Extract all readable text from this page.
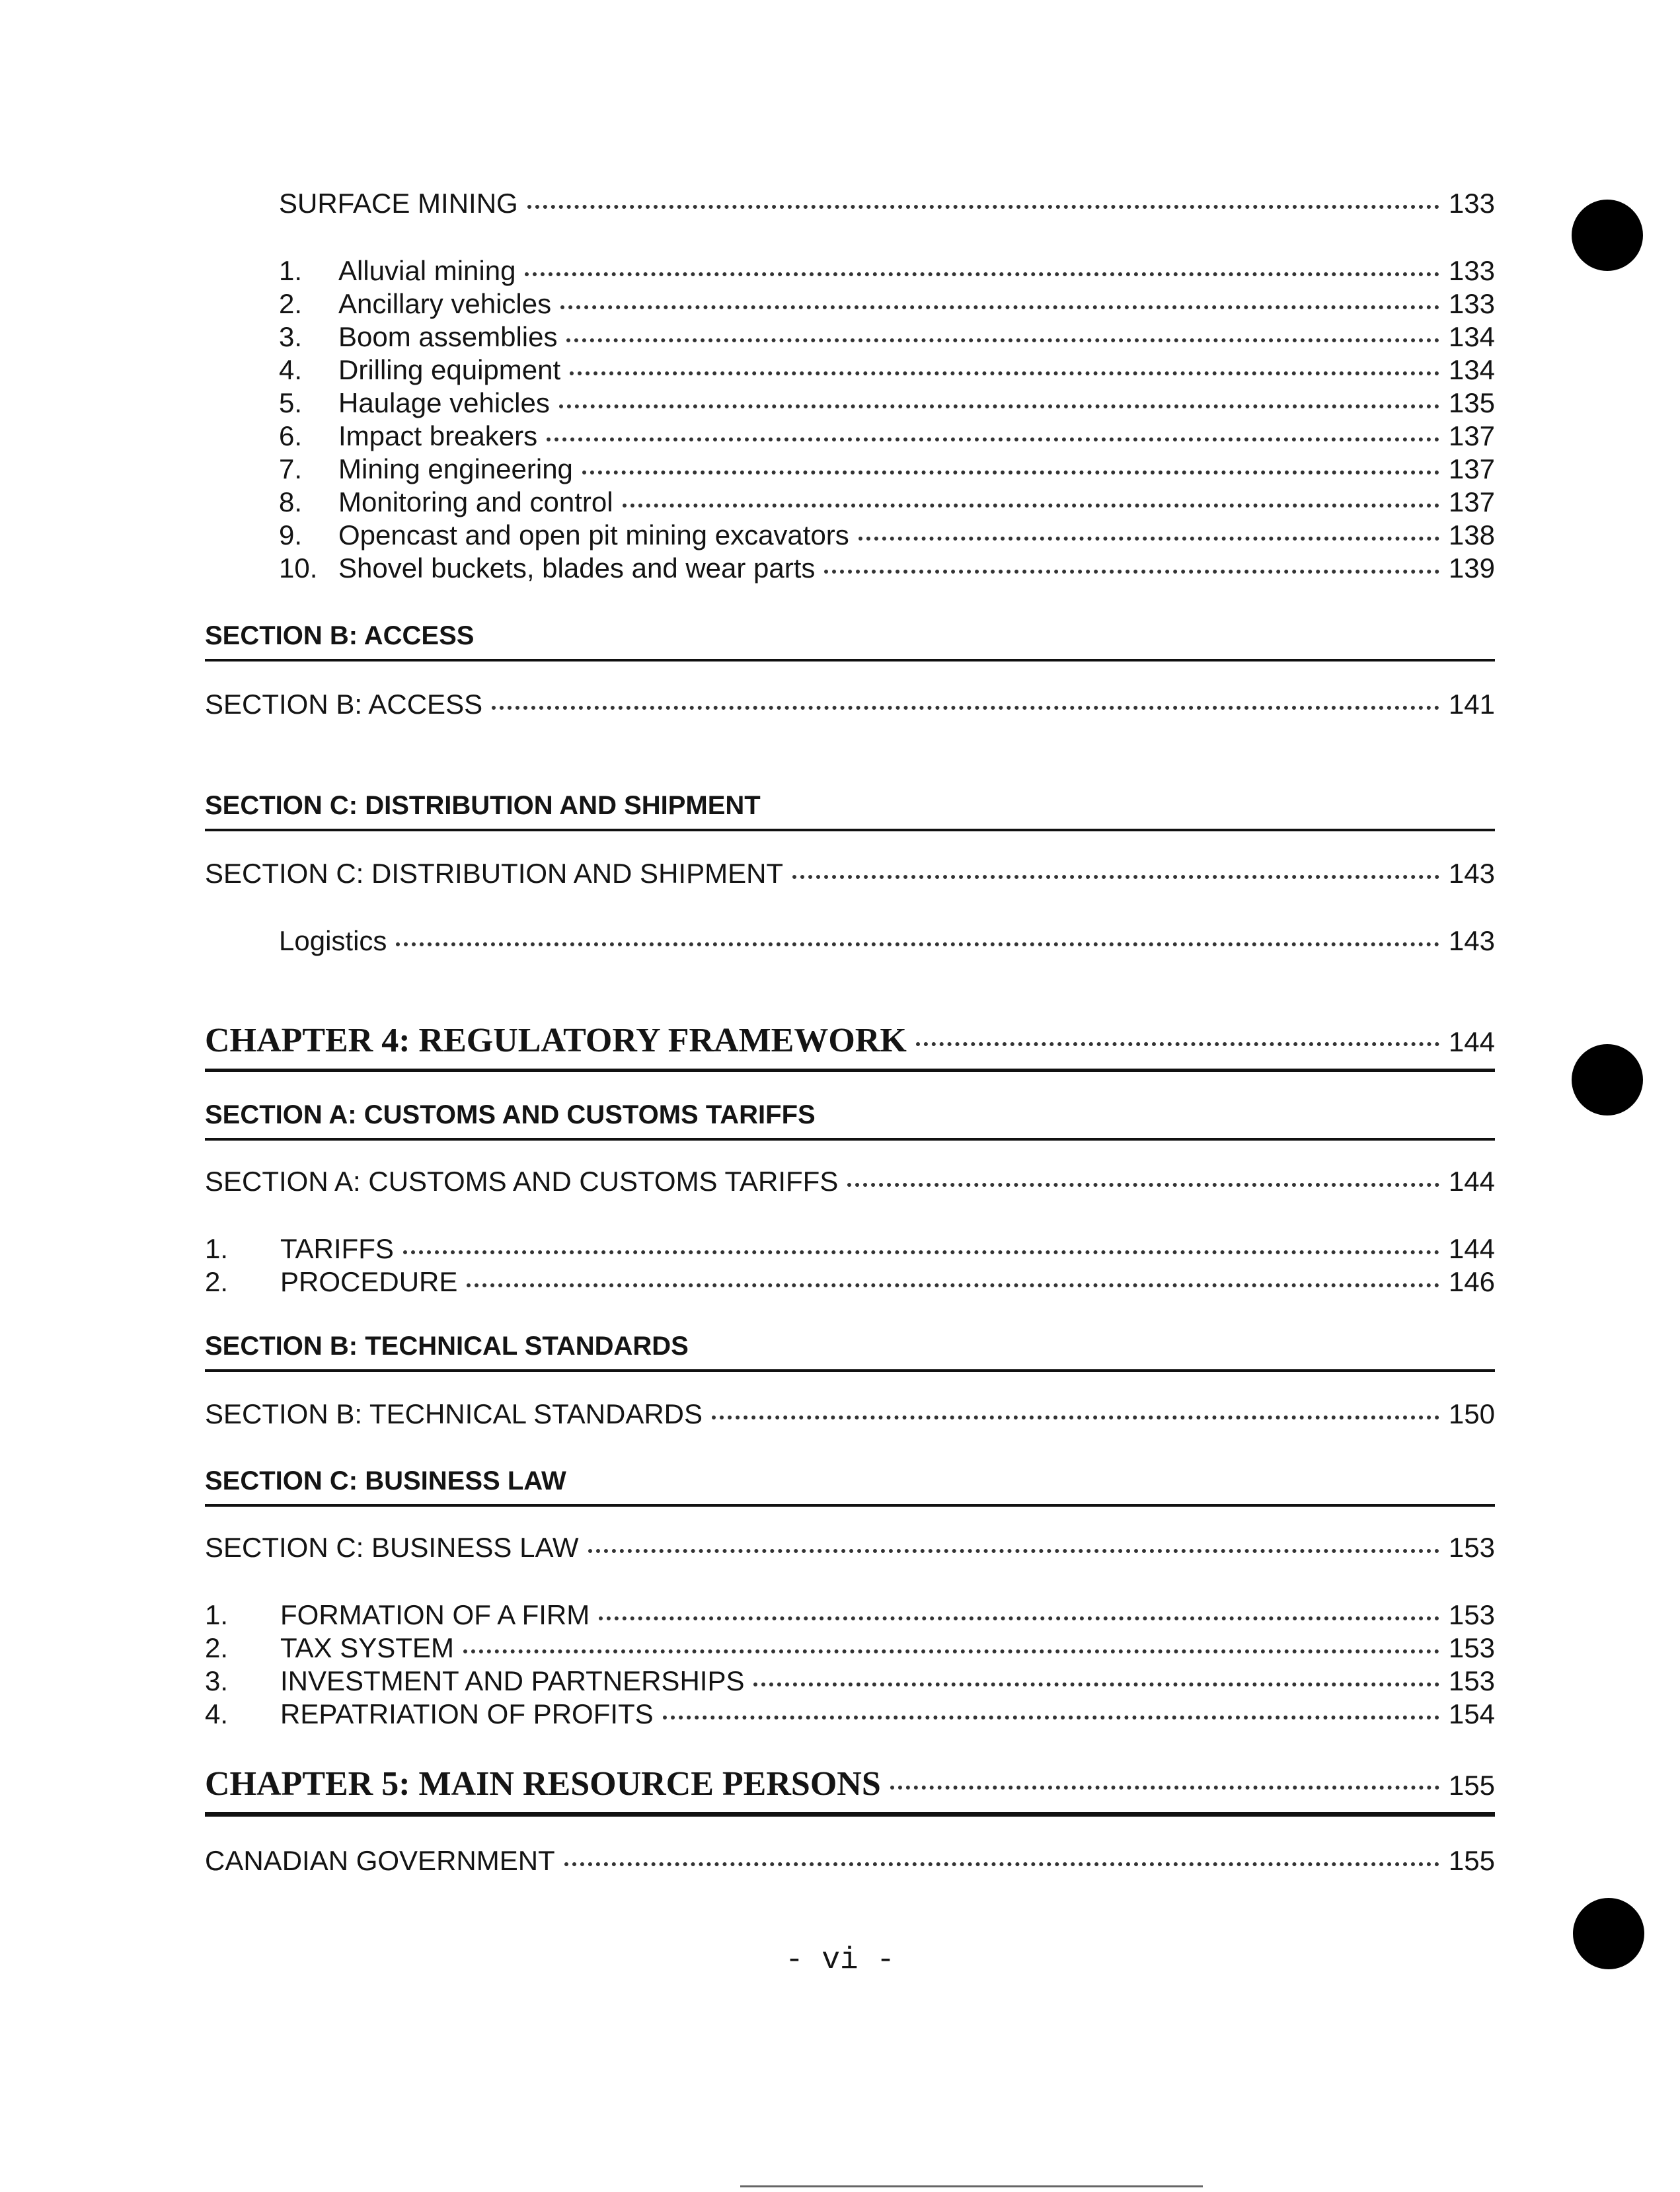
SURFACE MINING	133
1.	Alluvial mining	133
2.	Ancillary vehicles	133
3.	Boom assemblies	134
4.	Drilling equipment	134
5.	Haulage vehicles	135
6.	Impact breakers	137
7.	Mining engineering	137
8.	Monitoring and control	137
9.	Opencast and open pit mining excavators	138
10. Shovel buckets, blades and wear parts	139
SECTION B: ACCESS
SECTION B: ACCESS	141
SECTION C: DISTRIBUTION AND SHIPMENT
SECTION C: DISTRIBUTION AND SHIPMENT	143
Logistics	143
CHAPTER 4: REGULATORY FRAMEWORK	144
SECTION A: CUSTOMS AND CUSTOMS TARIFFS
SECTION A: CUSTOMS AND CUSTOMS TARIFFS	144
1.	TARIFFS	144
2.	PROCEDURE	146
SECTION B: TECHNICAL STANDARDS
SECTION B: TECHNICAL STANDARDS	150
SECTION C: BUSINESS LAW
SECTION C: BUSINESS LAW	153
1.	FORMATION OF A FIRM	153
2.	TAX SYSTEM	153
3.	INVESTMENT AND PARTNERSHIPS	153
4.	REPATRIATION OF PROFITS	154
CHAPTER 5: MAIN RESOURCE PERSONS	155
CANADIAN GOVERNMENT	155
- vi -
